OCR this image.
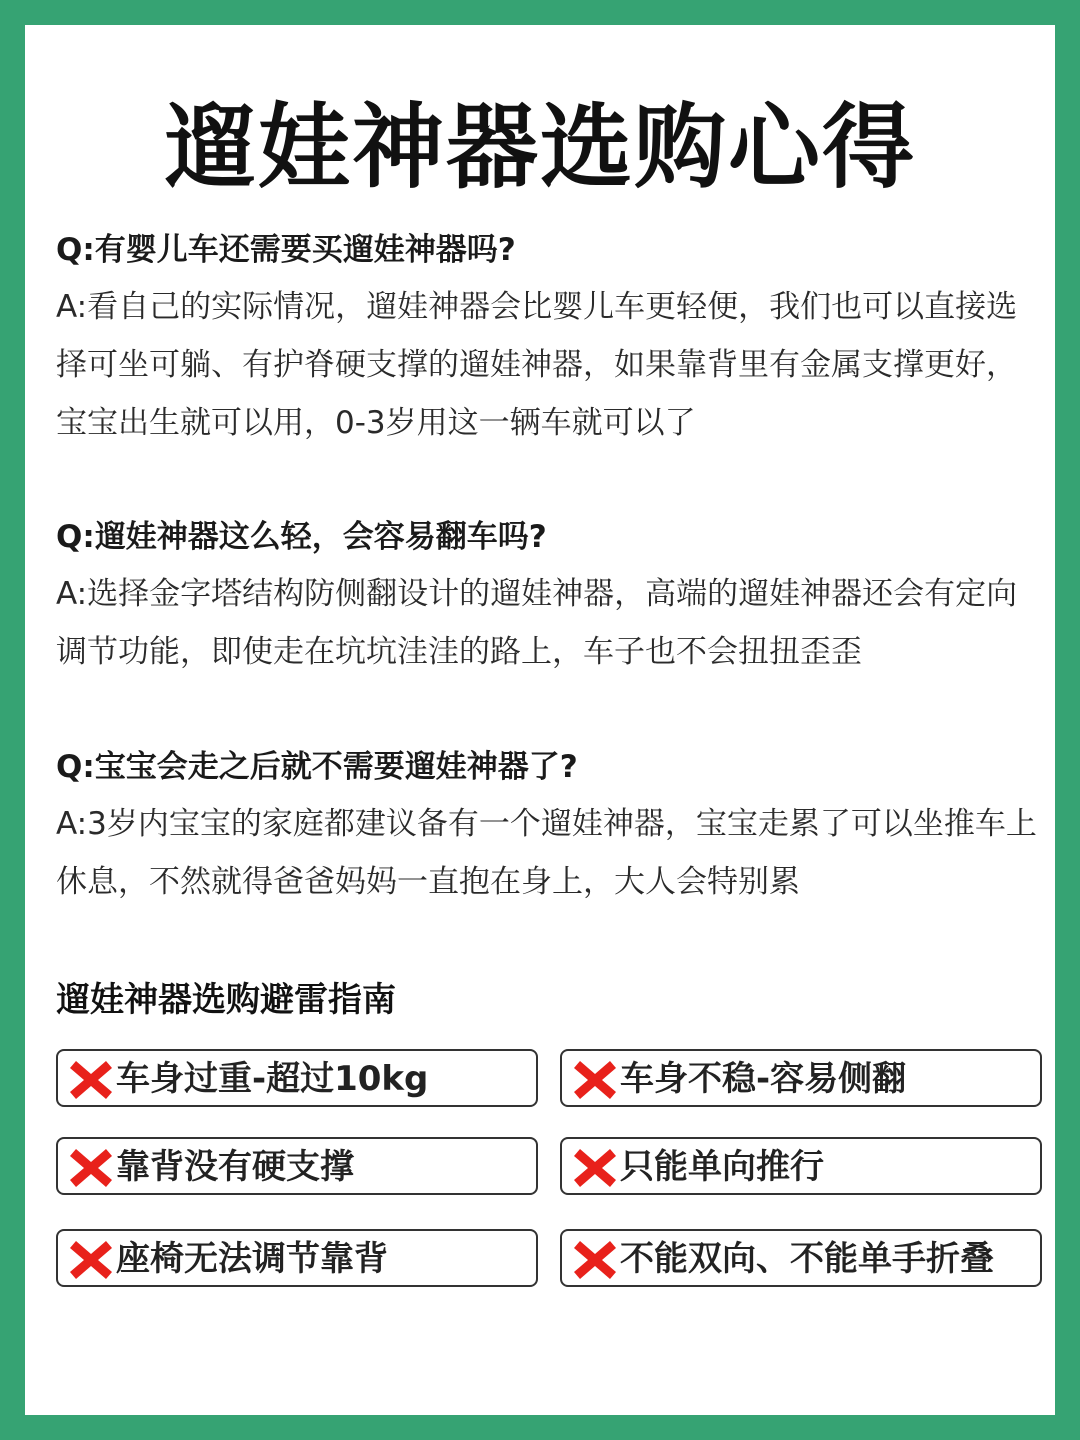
遛娃神器选购心得

Q:有婴儿车还需要买遛娃神器吗?

A:看自己的实际情况，遛娃神器会比婴儿车更轻便，我们也可以直接选择可坐可躺、有护脊硬支撑的遛娃神器，如果靠背里有金属支撑更好，宝宝出生就可以用，0-3岁用这一辆车就可以了

Q:遛娃神器这么轻，会容易翻车吗?

A:选择金字塔结构防侧翻设计的遛娃神器，高端的遛娃神器还会有定向调节功能，即使走在坑坑洼洼的路上，车子也不会扭扭歪歪

Q:宝宝会走之后就不需要遛娃神器了?

A:3岁内宝宝的家庭都建议备有一个遛娃神器，宝宝走累了可以坐推车上休息，不然就得爸爸妈妈一直抱在身上，大人会特别累

遛娃神器选购避雷指南
车身过重-超过10kg	车身不稳-容易侧翻
靠背没有硬支撑	只能单向推行
座椅无法调节靠背	不能双向、不能单手折叠
